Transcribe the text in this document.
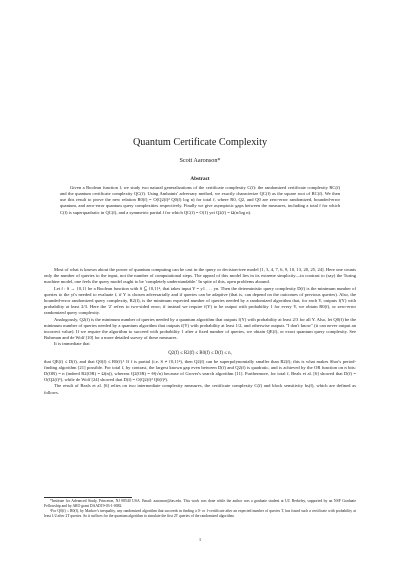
Quantum Certificate Complexity
Scott Aaronson*
Abstract

Given a Boolean function f, we study two natural generalizations of the certificate complexity C(f): the randomized certificate complexity RC(f) and the quantum certificate complexity QC(f). Using Ambainis' adversary method, we exactly characterize QC(f) as the square root of RC(f). We then use this result to prove the new relation R0(f) = O(Q2(f)² Q0(f) log n) for total f, where R0, Q2, and Q0 are zero-error randomized, bounded-error quantum, and zero-error quantum query complexities respectively. Finally we give asymptotic gaps between the measures, including a total f for which C(f) is superquadratic in QC(f), and a symmetric partial f for which QC(f) = O(1) yet Q2(f) = Ω(n/log n).

Most of what is known about the power of quantum computing can be cast in the query or decision-tree model [1, 3, 4, 7, 6, 9, 10, 13, 20, 25, 24]. Here one counts only the number of queries to the input, not the number of computational steps. The appeal of this model lies in its extreme simplicity—in contrast to (say) the Turing machine model, one feels the query model ought to be 'completely understandable.' In spite of this, open problems abound.

Let f : S → {0,1} be a Boolean function with S ⊆ {0,1}ⁿ, that takes input Y = y1 . . . yn. Then the deterministic query complexity D(f) is the minimum number of queries to the yi's needed to evaluate f, if Y is chosen adversarially and if queries can be adaptive (that is, can depend on the outcomes of previous queries). Also, the bounded-error randomized query complexity, R2(f), is the minimum expected number of queries needed by a randomized algorithm that, for each Y, outputs f(Y) with probability at least 2/3. Here the '2' refers to two-sided error; if instead we require f(Y) to be output with probability 1 for every Y, we obtain R0(f), or zero-error randomized query complexity.

Analogously, Q2(f) is the minimum number of queries needed by a quantum algorithm that outputs f(Y) with probability at least 2/3 for all Y. Also, let Q0(f) be the minimum number of queries needed by a quantum algorithm that outputs f(Y) with probability at least 1/2, and otherwise outputs "I don't know" (it can never output an incorrect value). If we require the algorithm to succeed with probability 1 after a fixed number of queries, we obtain QE(f), or exact quantum query complexity. See Buhrman and de Wolf [10] for a more detailed survey of these measures.

It is immediate that

Q2(f) ≤ R2(f) ≤ R0(f) ≤ D(f) ≤ n,

that QE(f) ≤ D(f), and that Q0(f) ≤ R0(f).¹ If f is partial (i.e. S ≠ {0,1}ⁿ), then Q2(f) can be superpolynomially smaller than R2(f); this is what makes Shor's period-finding algorithm [21] possible. For total f, by contrast, the largest known gap even between D(f) and Q2(f) is quadratic, and is achieved by the OR function on n bits: D(OR) = n (indeed R2(OR) = Ω(n)), whereas Q2(OR) = Θ(√n) because of Grover's search algorithm [11]. Furthermore, for total f, Beals et al. [6] showed that D(f) = O(Q2(f)⁶), while de Wolf [24] showed that D(f) = O(Q2(f)² Q0(f)²).

The result of Beals et al. [6] relies on two intermediate complexity measures, the certificate complexity C(f) and block sensitivity bs(f), which are defined as follows.

*Institute for Advanced Study, Princeton, NJ 08540 USA. Email: aaronson@ias.edu. This work was done while the author was a graduate student at UC Berkeley, supported by an NSF Graduate Fellowship and by ARO grant DAAD19-03-1-0082.

¹For Q0(f) ≤ R0(f), by Markov's inequality, any randomized algorithm that succeeds in finding a 0- or 1-certificate after an expected number of queries T, has found such a certificate with probability at least 1/2 after 2T queries. So it suffices for the quantum algorithm to simulate the first 2T queries of the randomized algorithm.

1
